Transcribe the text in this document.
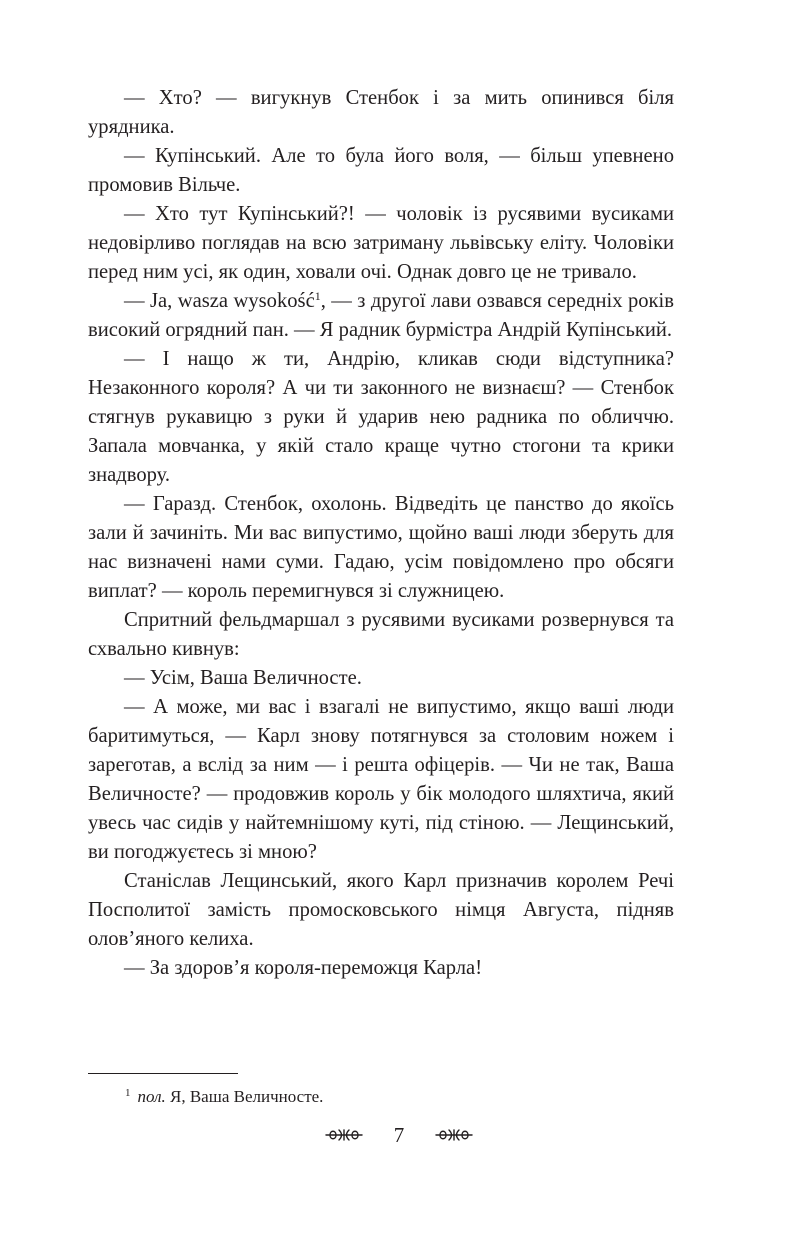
— Хто? — вигукнув Стенбок і за мить опинився біля урядника.

— Купінський. Але то була його воля, — більш упевнено промовив Вільче.

— Хто тут Купінський?! — чоловік із русявими вусиками недовірливо поглядав на всю затриману львівську еліту. Чоловіки перед ним усі, як один, ховали очі. Однак довго це не тривало.

— Ja, wasza wysokość$^1$, — з другої лави озвався середніх років високий огрядний пан. — Я радник бурмістра Андрій Купінський.

— І нащо ж ти, Андрію, кликав сюди відступника? Незаконного короля? А чи ти законного не визнаєш? — Стенбок стягнув рукавицю з руки й ударив нею радника по обличчю. Запала мовчанка, у якій стало краще чутно стогони та крики знадвору.

— Гаразд. Стенбок, охолонь. Відведіть це панство до якоїсь зали й зачиніть. Ми вас випустимо, щойно ваші люди зберуть для нас визначені нами суми. Гадаю, усім повідомлено про обсяги виплат? — король перемигнувся зі служницею.

Спритний фельдмаршал з русявими вусиками розвернувся та схвально кивнув:

— Усім, Ваша Величносте.

— А може, ми вас і взагалі не випустимо, якщо ваші люди баритимуться, — Карл знову потягнувся за столовим ножем і зареготав, а вслід за ним — і решта офіцерів. — Чи не так, Ваша Величносте? — продовжив король у бік молодого шляхтича, який увесь час сидів у найтемнішому куті, під стіною. — Лещинський, ви погоджуєтесь зі мною?

Станіслав Лещинський, якого Карл призначив королем Речі Посполитої замість промосковського німця Августа, підняв олов’яного келиха.

— За здоров’я короля-переможця Карла!

$^1$ пол. Я, Ваша Величносте.
7
